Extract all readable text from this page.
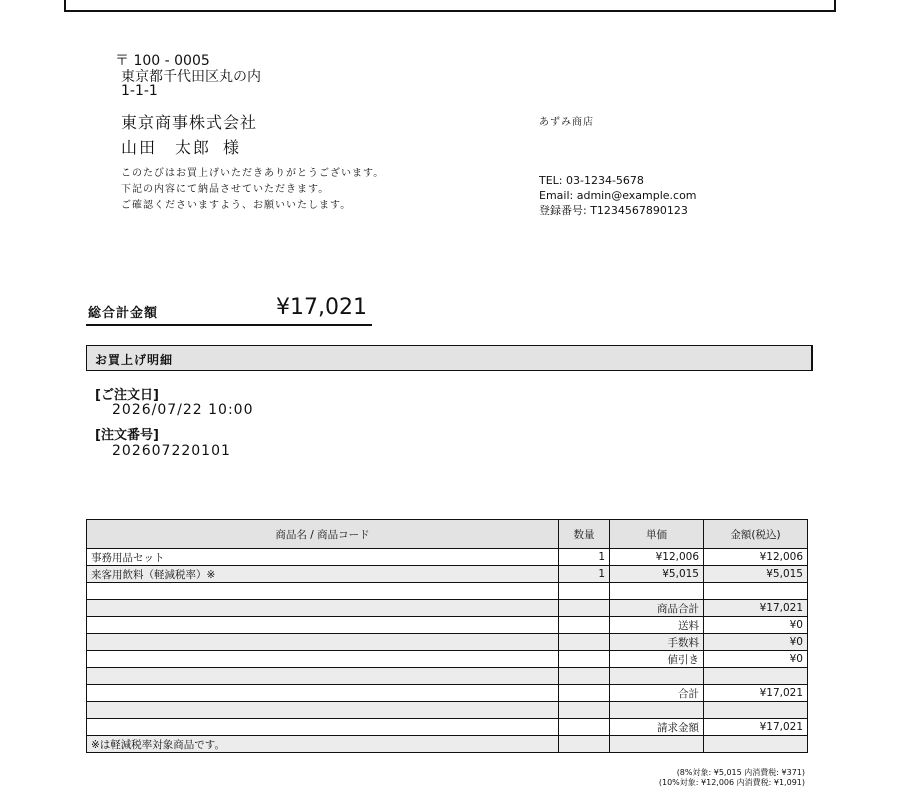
〒 100 - 0005
東京都千代田区丸の内
1-1-1
東京商事株式会社
山田　太郎 様
このたびはお買上げいただきありがとうございます。
下記の内容にて納品させていただきます。
ご確認くださいますよう、お願いいたします。
あずみ商店
TEL: 03-1234-5678
Email: admin@example.com
登録番号: T1234567890123
総合計金額	¥17,021
お買上げ明細
[ご注文日]
2026/07/22 10:00
[注文番号]
202607220101
商品名 / 商品コード	数量	単価	金額(税込)
事務用品セット	1	¥12,006	¥12,006
来客用飲料（軽減税率）※	1	¥5,015	¥5,015

		商品合計	¥17,021
		送料	¥0
		手数料	¥0
		値引き	¥0

		合計	¥17,021

		請求金額	¥17,021
※は軽減税率対象商品です。			
(8%対象: ¥5,015 内消費税: ¥371)
(10%対象: ¥12,006 内消費税: ¥1,091)
